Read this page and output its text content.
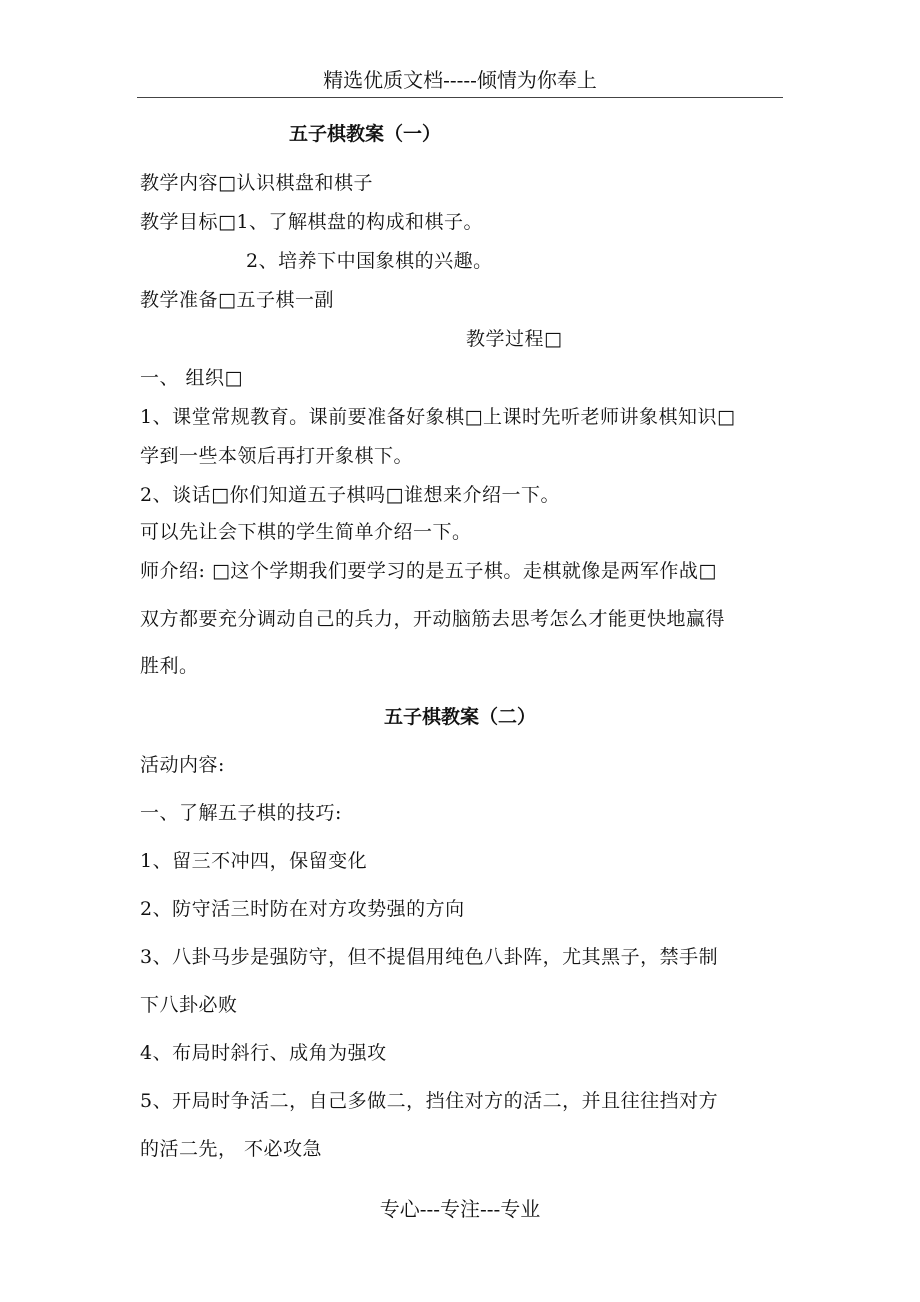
精选优质文档-----倾情为你奉上
五子棋教案（一）
教学内容□认识棋盘和棋子
教学目标□1、了解棋盘的构成和棋子。
2、培养下中国象棋的兴趣。
教学准备□五子棋一副
教学过程□
一、 组织□
1、课堂常规教育。课前要准备好象棋□上课时先听老师讲象棋知识□
学到一些本领后再打开象棋下。
2、谈话□你们知道五子棋吗□谁想来介绍一下。
可以先让会下棋的学生简单介绍一下。
师介绍: □这个学期我们要学习的是五子棋。走棋就像是两军作战□
双方都要充分调动自己的兵力，开动脑筋去思考怎么才能更快地赢得
胜利。
五子棋教案（二）
活动内容:
一、了解五子棋的技巧:
1、留三不冲四，保留变化
2、防守活三时防在对方攻势强的方向
3、八卦马步是强防守，但不提倡用纯色八卦阵，尤其黑子，禁手制
下八卦必败
4、布局时斜行、成角为强攻
5、开局时争活二，自己多做二，挡住对方的活二，并且往往挡对方
的活二先， 不必攻急
专心---专注---专业
